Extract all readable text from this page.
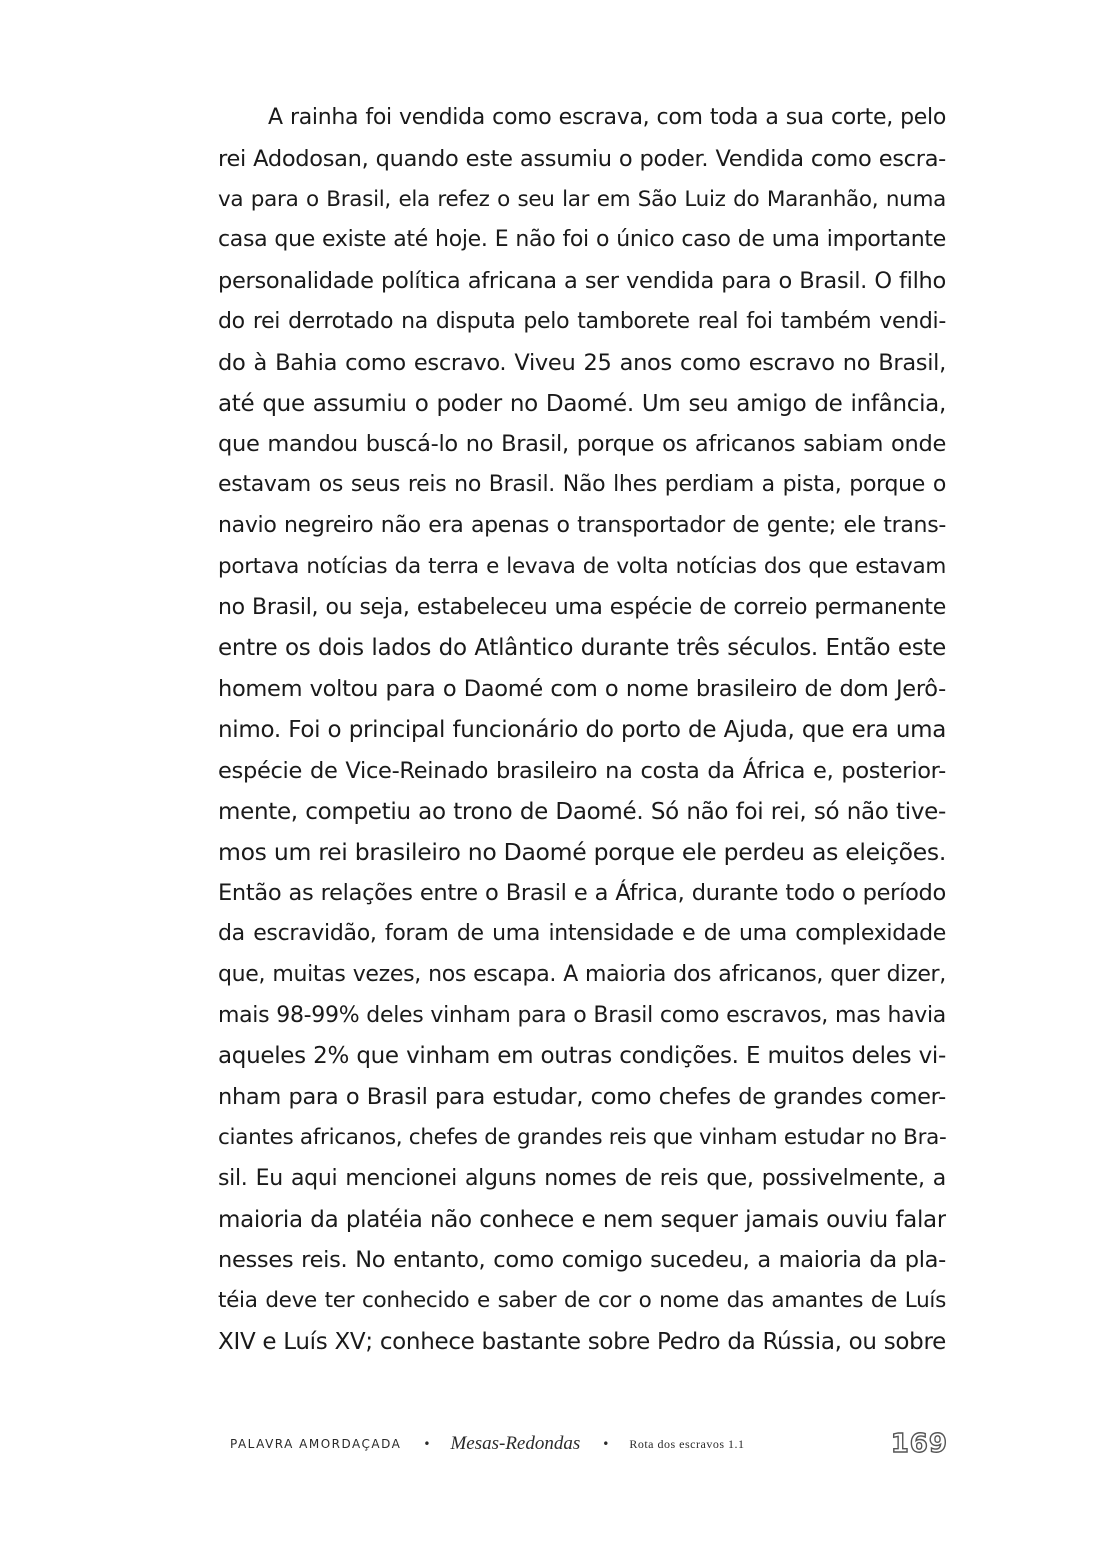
A rainha foi vendida como escrava, com toda a sua corte, pelo
rei Adodosan, quando este assumiu o poder. Vendida como escra-
va para o Brasil, ela refez o seu lar em São Luiz do Maranhão, numa
casa que existe até hoje. E não foi o único caso de uma importante
personalidade política africana a ser vendida para o Brasil. O filho
do rei derrotado na disputa pelo tamborete real foi também vendi-
do à Bahia como escravo. Viveu 25 anos como escravo no Brasil,
até que assumiu o poder no Daomé. Um seu amigo de infância,
que mandou buscá-lo no Brasil, porque os africanos sabiam onde
estavam os seus reis no Brasil. Não lhes perdiam a pista, porque o
navio negreiro não era apenas o transportador de gente; ele trans-
portava notícias da terra e levava de volta notícias dos que estavam
no Brasil, ou seja, estabeleceu uma espécie de correio permanente
entre os dois lados do Atlântico durante três séculos. Então este
homem voltou para o Daomé com o nome brasileiro de dom Jerô-
nimo. Foi o principal funcionário do porto de Ajuda, que era uma
espécie de Vice-Reinado brasileiro na costa da África e, posterior-
mente, competiu ao trono de Daomé. Só não foi rei, só não tive-
mos um rei brasileiro no Daomé porque ele perdeu as eleições.
Então as relações entre o Brasil e a África, durante todo o período
da escravidão, foram de uma intensidade e de uma complexidade
que, muitas vezes, nos escapa. A maioria dos africanos, quer dizer,
mais 98-99% deles vinham para o Brasil como escravos, mas havia
aqueles 2% que vinham em outras condições. E muitos deles vi-
nham para o Brasil para estudar, como chefes de grandes comer-
ciantes africanos, chefes de grandes reis que vinham estudar no Bra-
sil. Eu aqui mencionei alguns nomes de reis que, possivelmente, a
maioria da platéia não conhece e nem sequer jamais ouviu falar
nesses reis. No entanto, como comigo sucedeu, a maioria da pla-
téia deve ter conhecido e saber de cor o nome das amantes de Luís
XIV e Luís XV; conhece bastante sobre Pedro da Rússia, ou sobre
PALAVRA AMORDAÇADA • Mesas-Redondas • Rota dos escravos 1.1	169
